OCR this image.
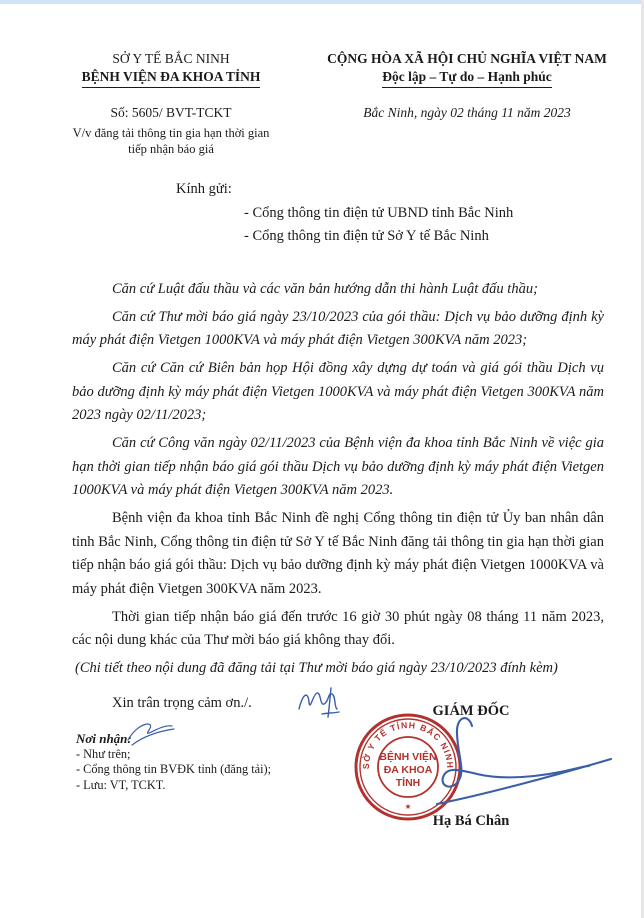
SỞ Y TẾ BẮC NINH
BỆNH VIỆN ĐA KHOA TỈNH
Số: 5605/ BVT-TCKT
V/v đăng tải thông tin gia hạn thời gian
tiếp nhận báo giá
CỘNG HÒA XÃ HỘI CHỦ NGHĨA VIỆT NAM
Độc lập – Tự do – Hạnh phúc
Bắc Ninh, ngày 02 tháng 11 năm 2023
Kính gửi:
- Cổng thông tin điện tử UBND tỉnh Bắc Ninh
- Cổng thông tin điện tử Sở Y tế Bắc Ninh

Căn cứ Luật đấu thầu và các văn bản hướng dẫn thi hành Luật đấu thầu;

Căn cứ Thư mời báo giá ngày 23/10/2023 của gói thầu: Dịch vụ bảo dưỡng định kỳ máy phát điện Vietgen 1000KVA và máy phát điện Vietgen 300KVA năm 2023;

Căn cứ Căn cứ Biên bản họp Hội đồng xây dựng dự toán và giá gói thầu Dịch vụ bảo dưỡng định kỳ máy phát điện Vietgen 1000KVA và máy phát điện Vietgen 300KVA năm 2023 ngày 02/11/2023;

Căn cứ Công văn ngày 02/11/2023 của Bệnh viện đa khoa tỉnh Bắc Ninh về việc gia hạn thời gian tiếp nhận báo giá gói thầu Dịch vụ bảo dưỡng định kỳ máy phát điện Vietgen 1000KVA và máy phát điện Vietgen 300KVA năm 2023.

Bệnh viện đa khoa tỉnh Bắc Ninh đề nghị Cổng thông tin điện tử Ủy ban nhân dân tỉnh Bắc Ninh, Cổng thông tin điện tử Sở Y tế Bắc Ninh đăng tải thông tin gia hạn thời gian tiếp nhận báo giá gói thầu: Dịch vụ bảo dưỡng định kỳ máy phát điện Vietgen 1000KVA và máy phát điện Vietgen 300KVA năm 2023.

Thời gian tiếp nhận báo giá đến trước 16 giờ 30 phút ngày 08 tháng 11 năm 2023, các nội dung khác của Thư mời báo giá không thay đổi.

(Chi tiết theo nội dung đã đăng tải tại Thư mời báo giá ngày 23/10/2023 đính kèm)

Xin trân trọng cảm ơn./.

Nơi nhận:
- Như trên;
- Cổng thông tin BVĐK tỉnh (đăng tải);
- Lưu: VT, TCKT.
GIÁM ĐỐC
SỞ Y TẾ TỈNH BẮC NINH
BỆNH VIỆN
ĐA KHOA
TỈNH
★
Hạ Bá Chân
